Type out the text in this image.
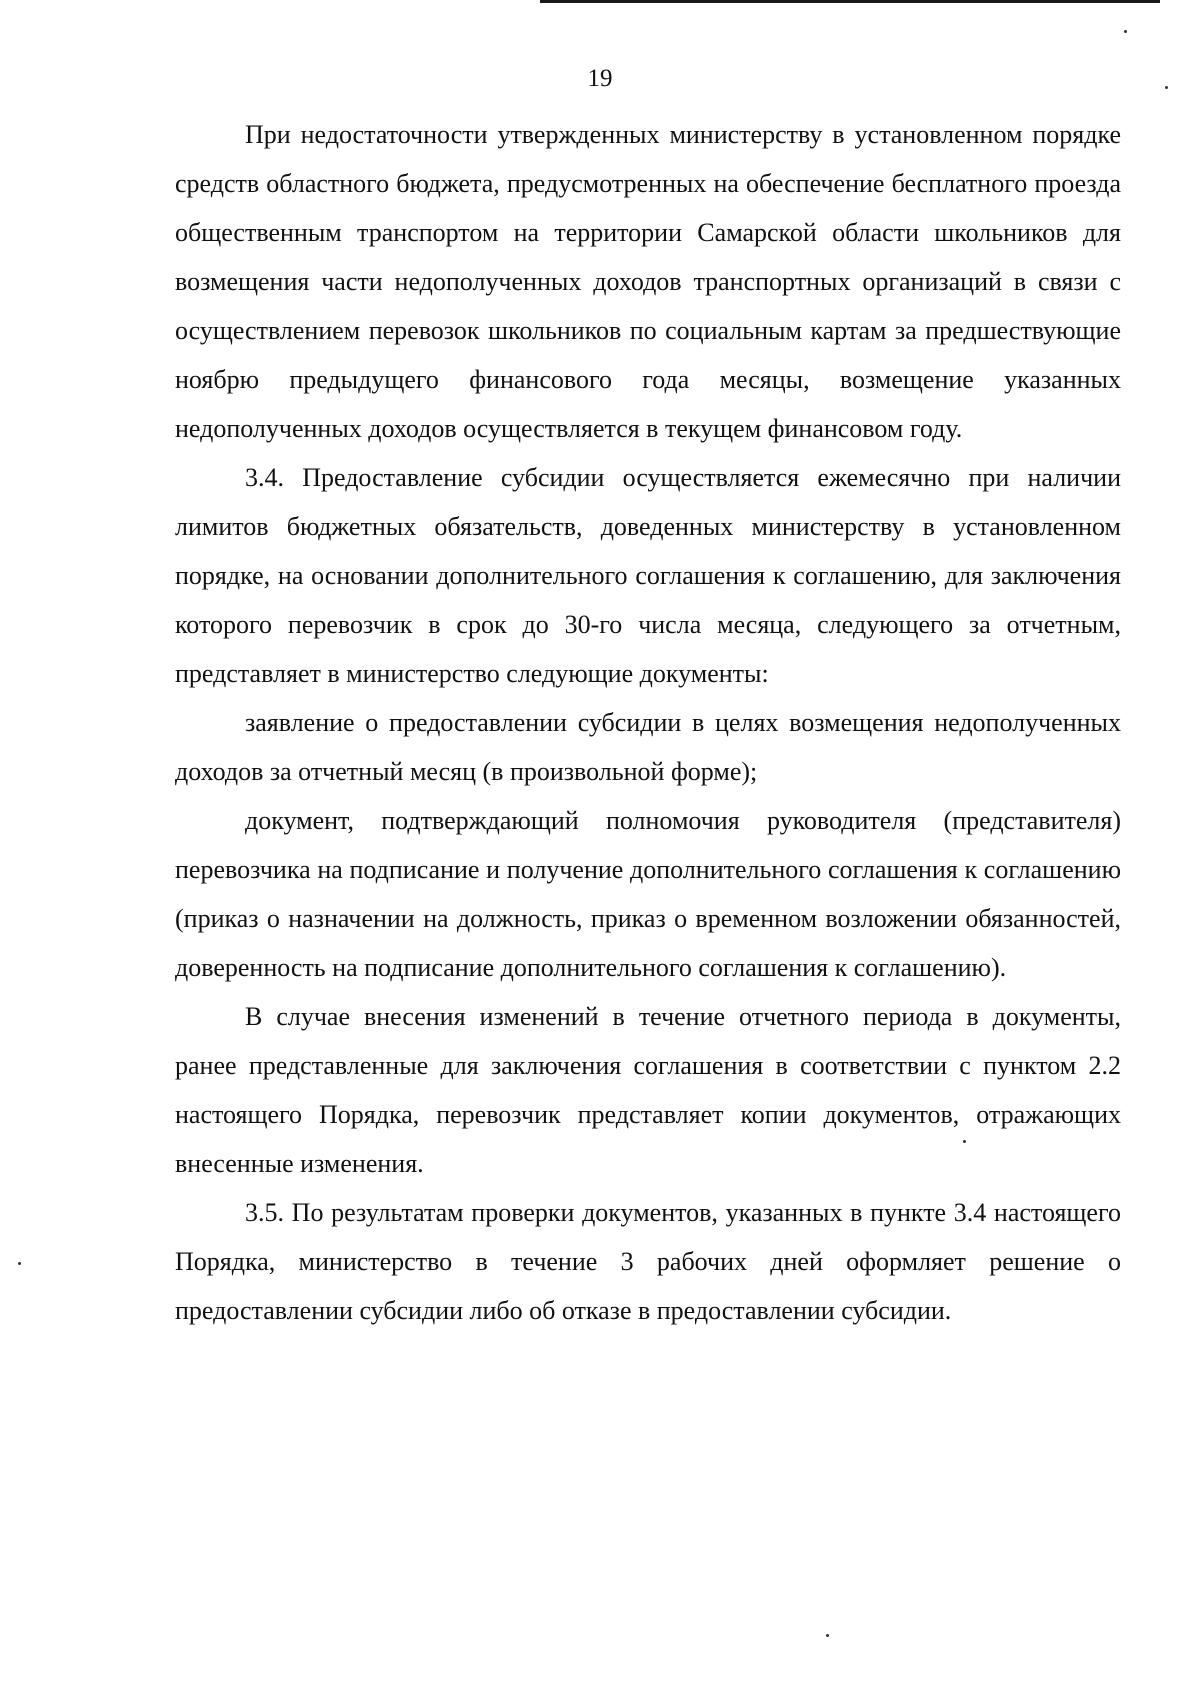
19

При недостаточности утвержденных министерству в установленном порядке средств областного бюджета, предусмотренных на обеспечение бесплатного проезда общественным транспортом на территории Самарской области школьников для возмещения части недополученных доходов транспортных организаций в связи с осуществлением перевозок школьников по социальным картам за предшествующие ноябрю предыдущего финансового года месяцы, возмещение указанных недополученных доходов осуществляется в текущем финансовом году.

3.4. Предоставление субсидии осуществляется ежемесячно при наличии лимитов бюджетных обязательств, доведенных министерству в установленном порядке, на основании дополнительного соглашения к соглашению, для заключения которого перевозчик в срок до 30-го числа месяца, следующего за отчетным, представляет в министерство следующие документы:

заявление о предоставлении субсидии в целях возмещения недополученных доходов за отчетный месяц (в произвольной форме);

документ, подтверждающий полномочия руководителя (представителя) перевозчика на подписание и получение дополнительного соглашения к соглашению (приказ о назначении на должность, приказ о временном возложении обязанностей, доверенность на подписание дополнительного соглашения к соглашению).

В случае внесения изменений в течение отчетного периода в документы, ранее представленные для заключения соглашения в соответствии с пунктом 2.2 настоящего Порядка, перевозчик представляет копии документов, отражающих внесенные изменения.

3.5. По результатам проверки документов, указанных в пункте 3.4 настоящего Порядка, министерство в течение 3 рабочих дней оформляет решение о предоставлении субсидии либо об отказе в предоставлении субсидии.
